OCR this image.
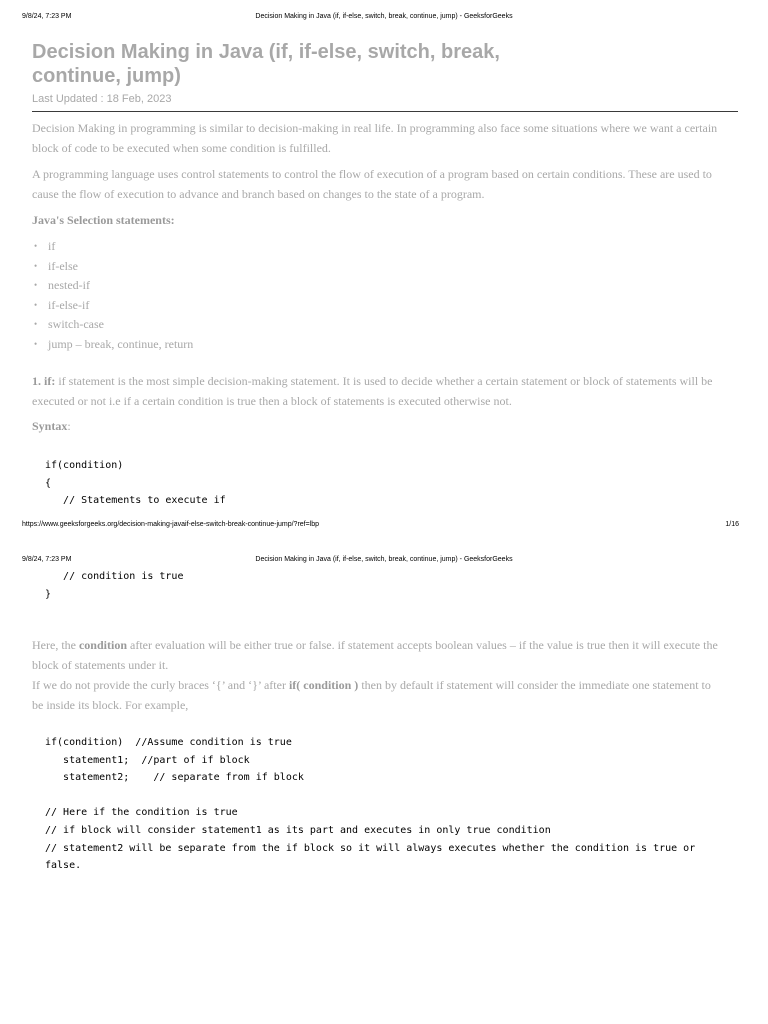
9/8/24, 7:23 PM	Decision Making in Java (if, if-else, switch, break, continue, jump) - GeeksforGeeks
Decision Making in Java (if, if-else, switch, break, continue, jump)
Last Updated : 18 Feb, 2023

Decision Making in programming is similar to decision-making in real life. In programming also face some situations where we want a certain block of code to be executed when some condition is fulfilled.

A programming language uses control statements to control the flow of execution of a program based on certain conditions. These are used to cause the flow of execution to advance and branch based on changes to the state of a program.

Java's Selection statements:

• if
• if-else
• nested-if
• if-else-if
• switch-case
• jump – break, continue, return

1. if: if statement is the most simple decision-making statement. It is used to decide whether a certain statement or block of statements will be executed or not i.e if a certain condition is true then a block of statements is executed otherwise not.

Syntax:

if(condition)
{
// Statements to execute if
https://www.geeksforgeeks.org/decision-making-javaif-else-switch-break-continue-jump/?ref=lbp	1/16
9/8/24, 7:23 PM	Decision Making in Java (if, if-else, switch, break, continue, jump) - GeeksforGeeks
// condition is true
}

Here, the condition after evaluation will be either true or false. if statement accepts boolean values – if the value is true then it will execute the block of statements under it.

If we do not provide the curly braces ‘{’ and ‘}’ after if( condition ) then by default if statement will consider the immediate one statement to be inside its block. For example,

if(condition)  //Assume condition is true
statement1;  //part of if block
statement2;    // separate from if block
// Here if the condition is true
// if block will consider statement1 as its part and executes in only true condition
// statement2 will be separate from the if block so it will always executes whether the condition is true or
false.
